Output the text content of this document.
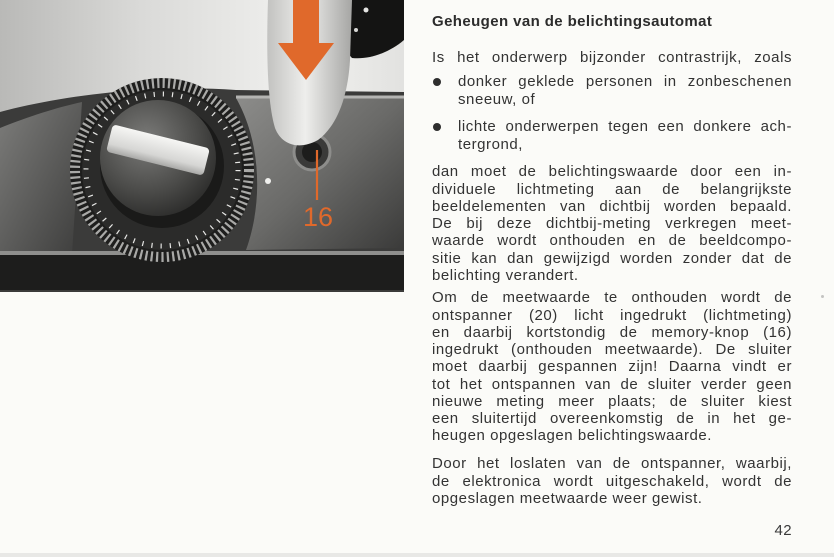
16
Geheugen van de belichtingsautomat
Is het onderwerp bijzonder contrastrijk, zoals
donker geklede personen in zonbeschenen
sneeuw, of
lichte onderwerpen tegen een donkere ach-
tergrond,
dan moet de belichtingswaarde door een in-
dividuele lichtmeting aan de belangrijkste
beeldelementen van dichtbij worden bepaald.
De bij deze dichtbij-meting verkregen meet-
waarde wordt onthouden en de beeldcompo-
sitie kan dan gewijzigd worden zonder dat de
belichting verandert.
Om de meetwaarde te onthouden wordt de
ontspanner (20) licht ingedrukt (lichtmeting)
en daarbij kortstondig de memory-knop (16)
ingedrukt (onthouden meetwaarde). De sluiter
moet daarbij gespannen zijn! Daarna vindt er
tot het ontspannen van de sluiter verder geen
nieuwe meting meer plaats; de sluiter kiest
een sluitertijd overeenkomstig de in het ge-
heugen opgeslagen belichtingswaarde.
Door het loslaten van de ontspanner, waarbij,
de elektronica wordt uitgeschakeld, wordt de
opgeslagen meetwaarde weer gewist.
42
